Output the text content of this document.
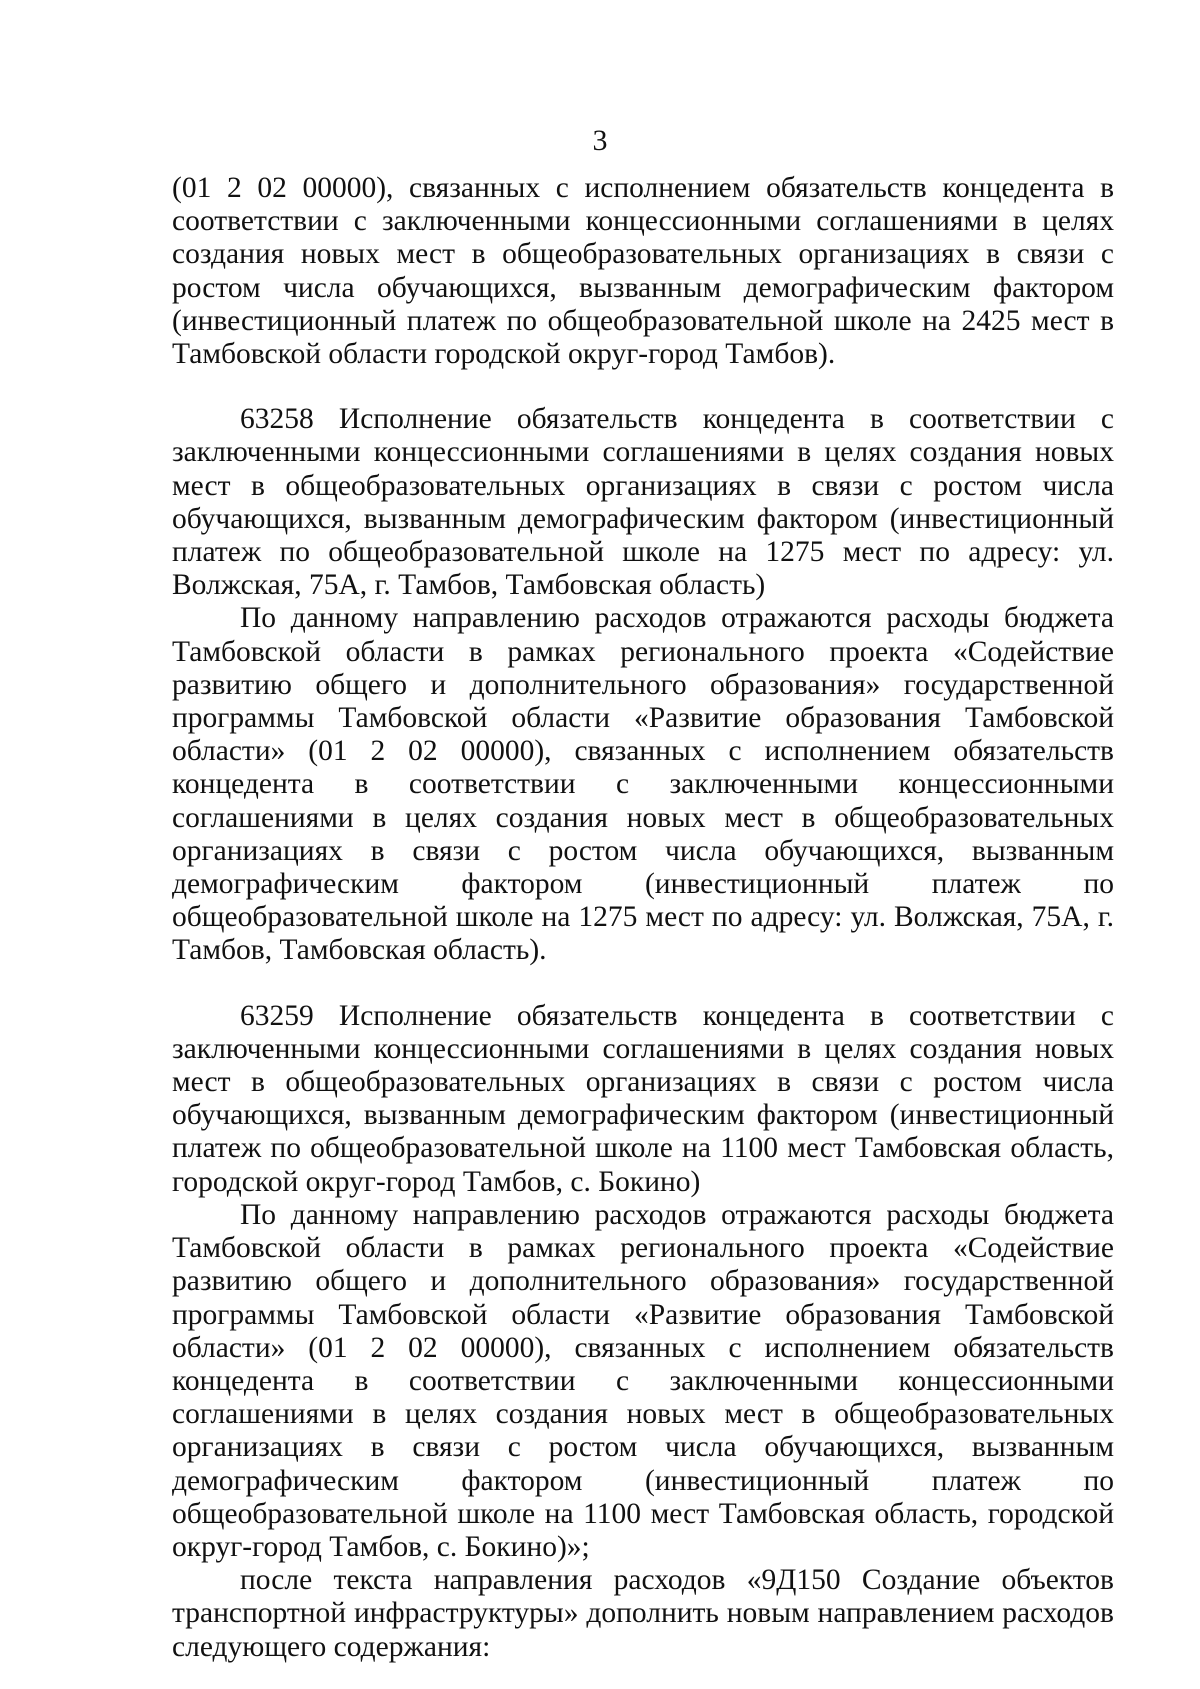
3

(01 2 02 00000), связанных с исполнением обязательств концедента в соответствии с заключенными концессионными соглашениями в целях создания новых мест в общеобразовательных организациях в связи с ростом числа обучающихся, вызванным демографическим фактором (инвестиционный платеж по общеобразовательной школе на 2425 мест в Тамбовской области городской округ-город Тамбов).

63258 Исполнение обязательств концедента в соответствии с заключенными концессионными соглашениями в целях создания новых мест в общеобразовательных организациях в связи с ростом числа обучающихся, вызванным демографическим фактором (инвестиционный платеж по общеобразовательной школе на 1275 мест по адресу: ул. Волжская, 75А, г. Тамбов, Тамбовская область)

По данному направлению расходов отражаются расходы бюджета Тамбовской области в рамках регионального проекта «Содействие развитию общего и дополнительного образования» государственной программы Тамбовской области «Развитие образования Тамбовской области» (01 2 02 00000), связанных с исполнением обязательств концедента в соответствии с заключенными концессионными соглашениями в целях создания новых мест в общеобразовательных организациях в связи с ростом числа обучающихся, вызванным демографическим фактором (инвестиционный платеж по общеобразовательной школе на 1275 мест по адресу: ул. Волжская, 75А, г. Тамбов, Тамбовская область).

63259 Исполнение обязательств концедента в соответствии с заключенными концессионными соглашениями в целях создания новых мест в общеобразовательных организациях в связи с ростом числа обучающихся, вызванным демографическим фактором (инвестиционный платеж по общеобразовательной школе на 1100 мест Тамбовская область, городской округ-город Тамбов, с. Бокино)

По данному направлению расходов отражаются расходы бюджета Тамбовской области в рамках регионального проекта «Содействие развитию общего и дополнительного образования» государственной программы Тамбовской области «Развитие образования Тамбовской области» (01 2 02 00000), связанных с исполнением обязательств концедента в соответствии с заключенными концессионными соглашениями в целях создания новых мест в общеобразовательных организациях в связи с ростом числа обучающихся, вызванным демографическим фактором (инвестиционный платеж по общеобразовательной школе на 1100 мест Тамбовская область, городской округ-город Тамбов, с. Бокино)»;

после текста направления расходов «9Д150 Создание объектов транспортной инфраструктуры» дополнить новым направлением расходов следующего содержания:
